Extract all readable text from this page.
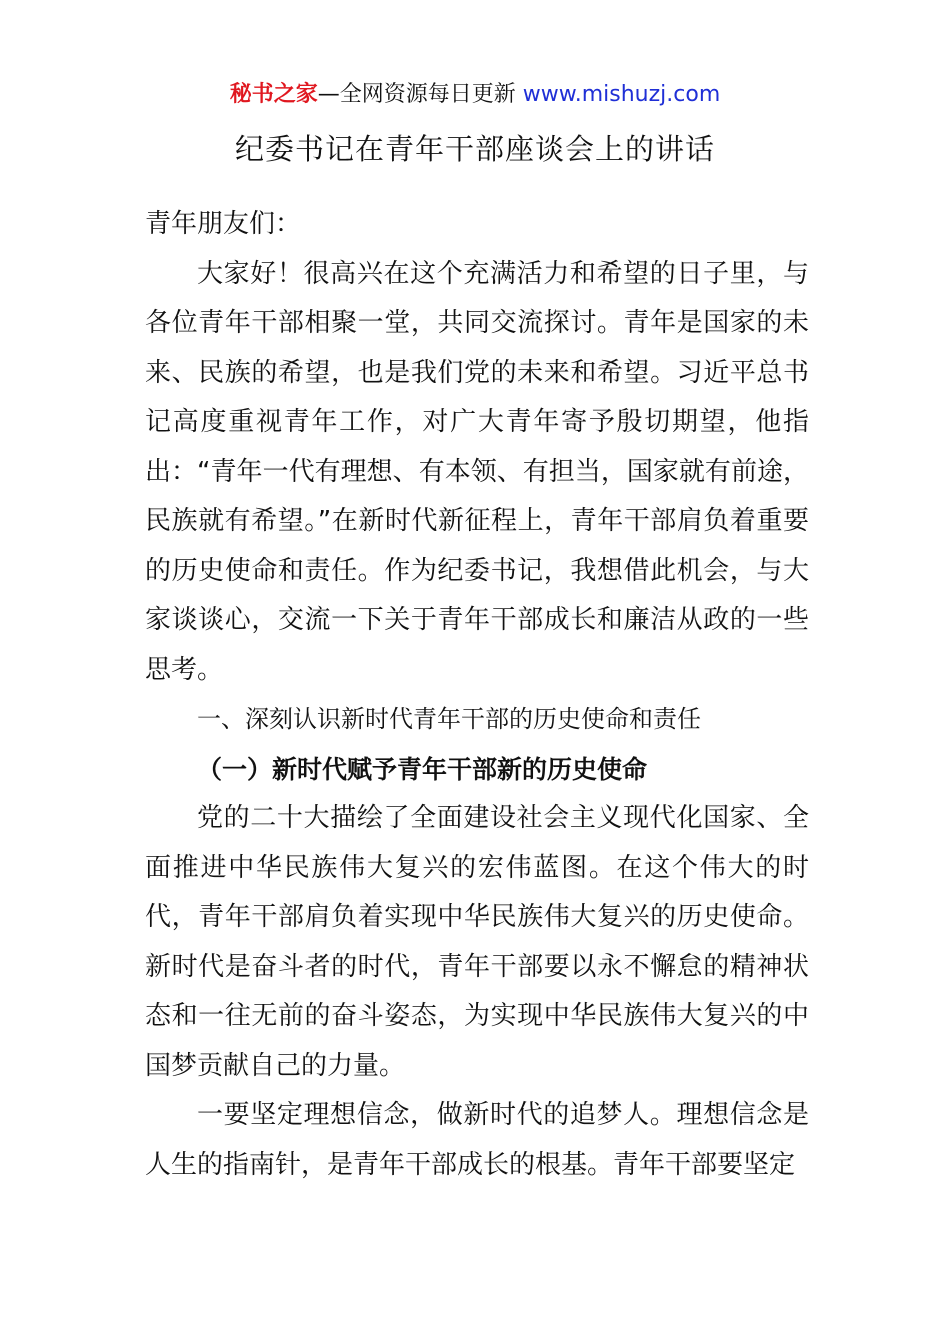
秘书之家—全网资源每日更新 www.mishuzj.com
纪委书记在青年干部座谈会上的讲话

青年朋友们：

大家好！很高兴在这个充满活力和希望的日子里，与各位青年干部相聚一堂，共同交流探讨。青年是国家的未来、民族的希望，也是我们党的未来和希望。习近平总书记高度重视青年工作，对广大青年寄予殷切期望，他指出：“青年一代有理想、有本领、有担当，国家就有前途，民族就有希望。”在新时代新征程上，青年干部肩负着重要的历史使命和责任。作为纪委书记，我想借此机会，与大家谈谈心，交流一下关于青年干部成长和廉洁从政的一些思考。

一、深刻认识新时代青年干部的历史使命和责任

（一）新时代赋予青年干部新的历史使命

党的二十大描绘了全面建设社会主义现代化国家、全面推进中华民族伟大复兴的宏伟蓝图。在这个伟大的时代，青年干部肩负着实现中华民族伟大复兴的历史使命。新时代是奋斗者的时代，青年干部要以永不懈怠的精神状态和一往无前的奋斗姿态，为实现中华民族伟大复兴的中国梦贡献自己的力量。

一要坚定理想信念，做新时代的追梦人。理想信念是人生的指南针，是青年干部成长的根基。青年干部要坚定
